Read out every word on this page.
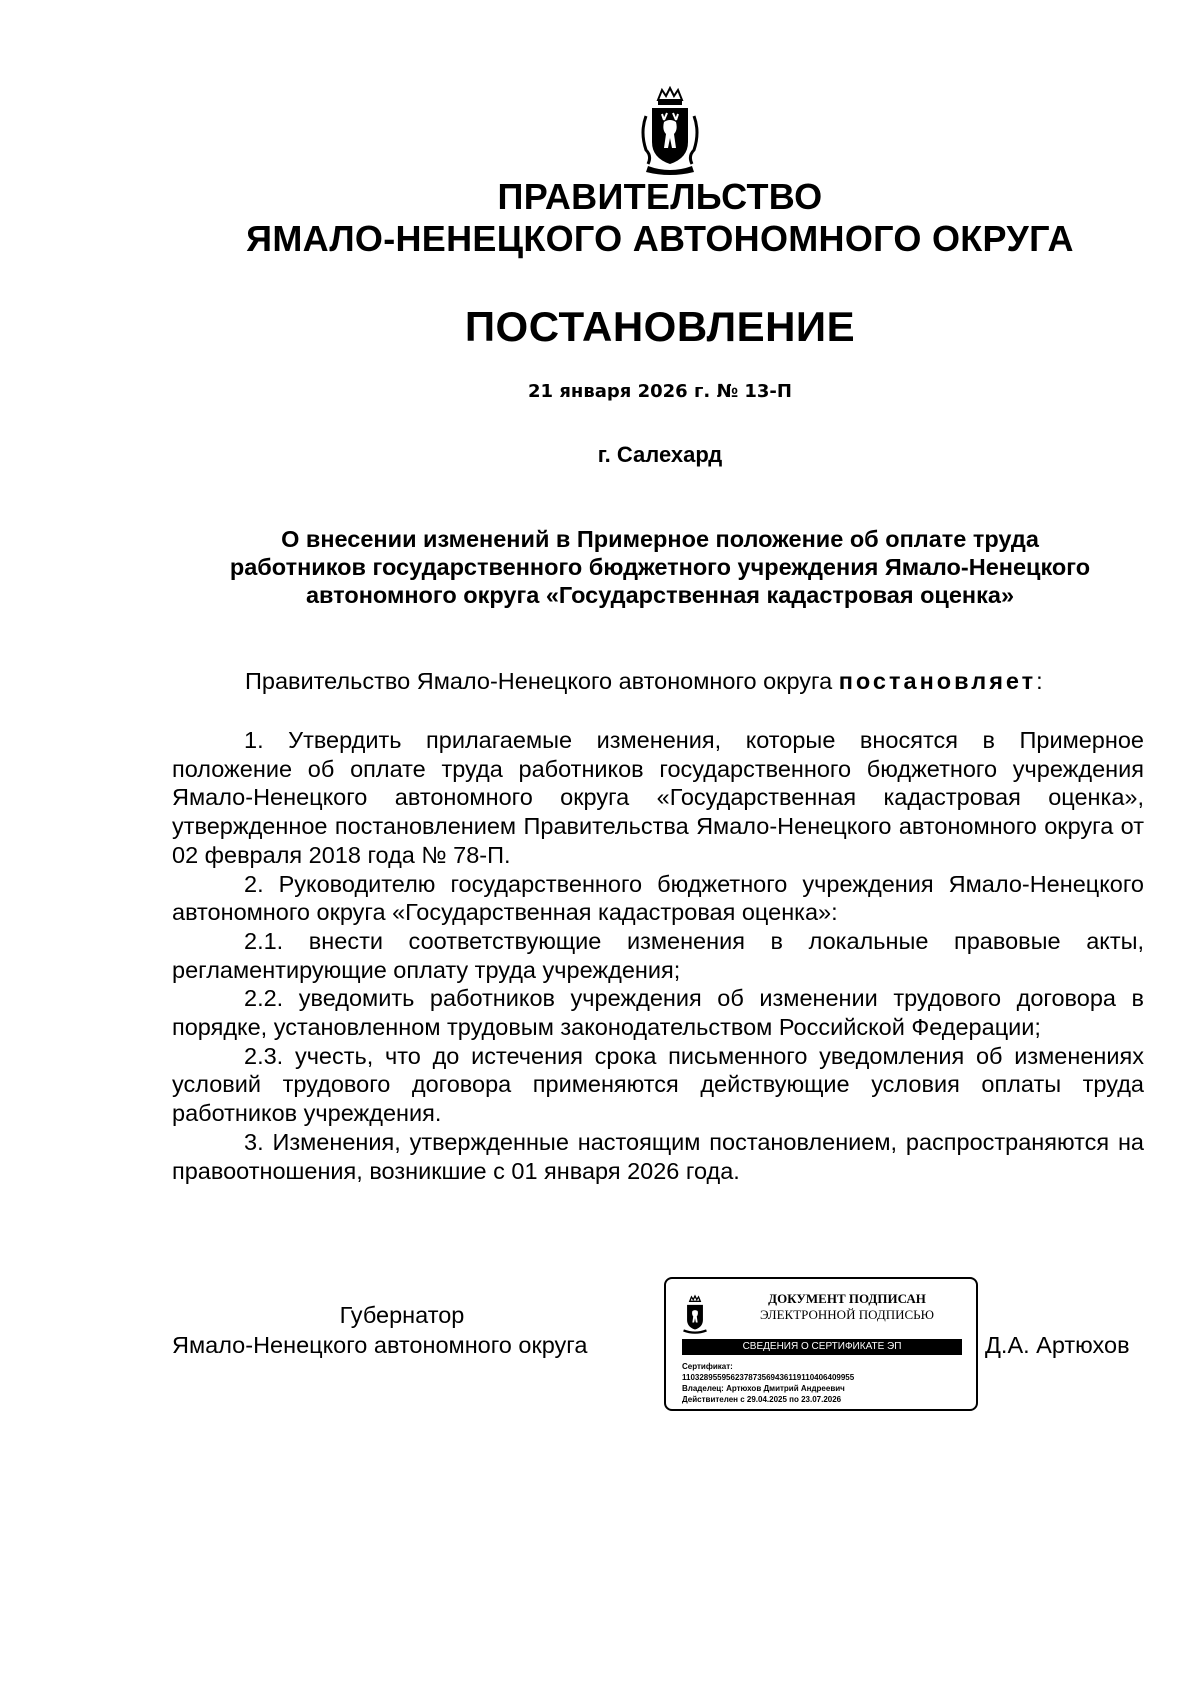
ПРАВИТЕЛЬСТВО
ЯМАЛО-НЕНЕЦКОГО АВТОНОМНОГО ОКРУГА
ПОСТАНОВЛЕНИЕ
21 января 2026 г. № 13-П
г. Салехард
О внесении изменений в Примерное положение об оплате труда
работников государственного бюджетного учреждения Ямало-Ненецкого
автономного округа «Государственная кадастровая оценка»
Правительство Ямало-Ненецкого автономного округа постановляет:

1. Утвердить прилагаемые изменения, которые вносятся в Примерное положение об оплате труда работников государственного бюджетного учреждения Ямало-Ненецкого автономного округа «Государственная кадастровая оценка», утвержденное постановлением Правительства Ямало-Ненецкого автономного округа от 02 февраля 2018 года № 78-П.

2. Руководителю государственного бюджетного учреждения Ямало-Ненецкого автономного округа «Государственная кадастровая оценка»:

2.1. внести соответствующие изменения в локальные правовые акты, регламентирующие оплату труда учреждения;

2.2. уведомить работников учреждения об изменении трудового договора в порядке, установленном трудовым законодательством Российской Федерации;

2.3. учесть, что до истечения срока письменного уведомления об изменениях условий трудового договора применяются действующие условия оплаты труда работников учреждения.

3. Изменения, утвержденные настоящим постановлением, распространяются на правоотношения, возникшие с 01 января 2026 года.

Губернатор
Ямало-Ненецкого автономного округа
ДОКУМЕНТ ПОДПИСАН
ЭЛЕКТРОННОЙ ПОДПИСЬЮ
СВЕДЕНИЯ О СЕРТИФИКАТЕ ЭП
Сертификат:
110328955956237873569436119110406409955
Владелец: Артюхов Дмитрий Андреевич
Действителен с 29.04.2025 по 23.07.2026
Д.А. Артюхов
